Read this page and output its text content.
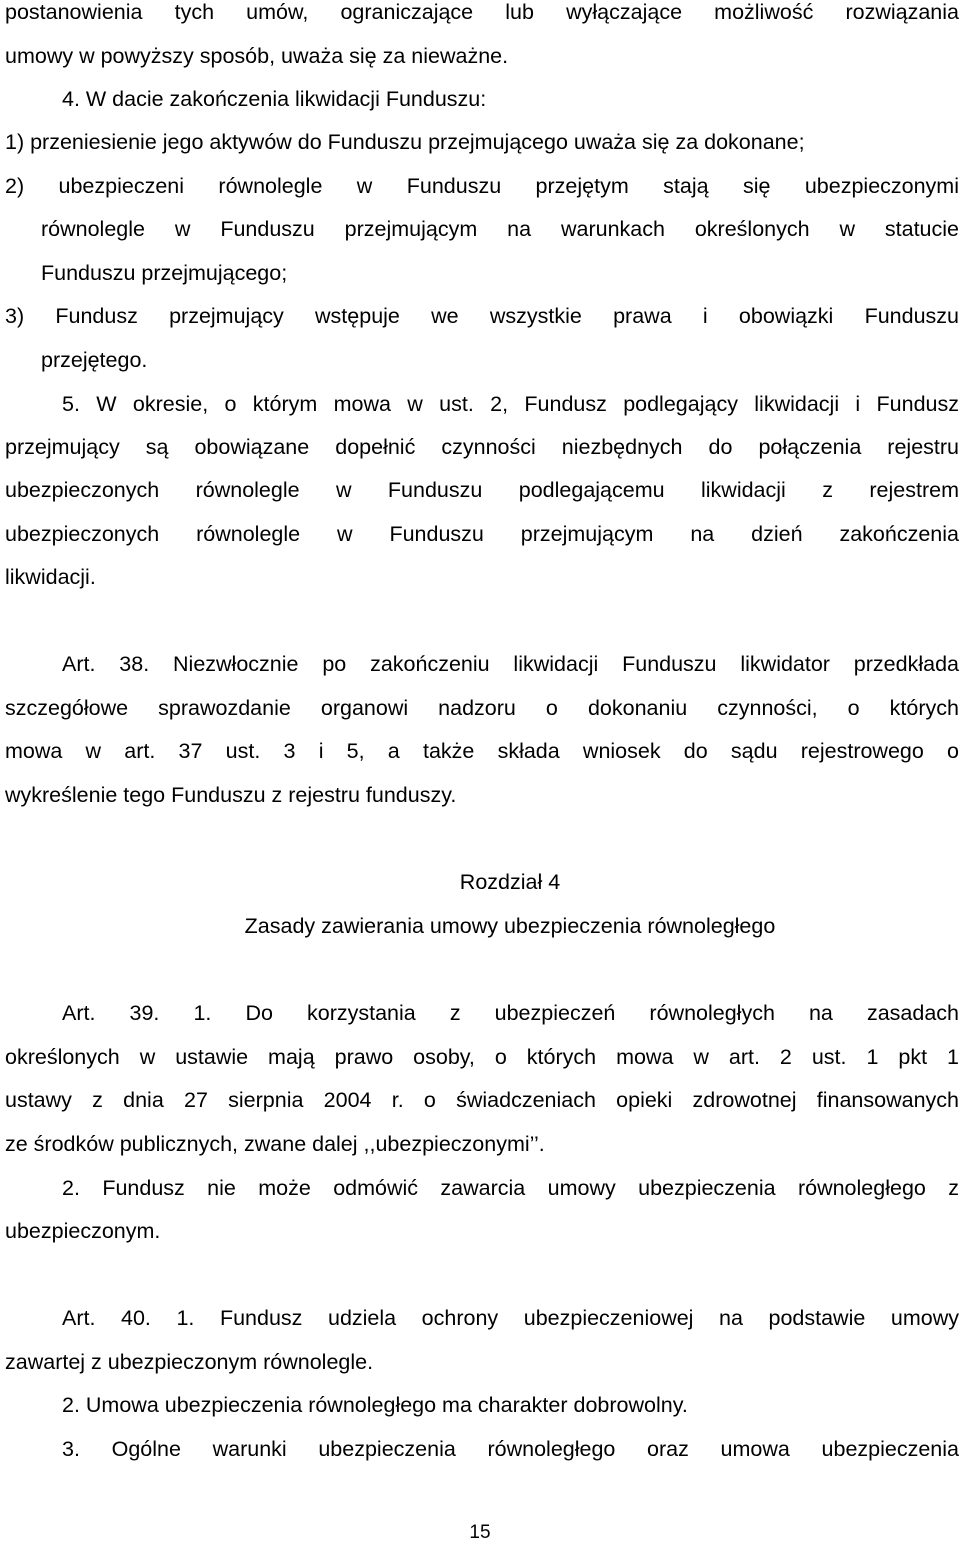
postanowienia tych umów, ograniczające lub wyłączające możliwość rozwiązania
umowy w powyższy sposób, uważa się za nieważne.
4. W dacie zakończenia likwidacji Funduszu:
1) przeniesienie jego aktywów do Funduszu przejmującego uważa się za dokonane;
2) ubezpieczeni równolegle w Funduszu przejętym stają się ubezpieczonymi
równolegle w Funduszu przejmującym na warunkach określonych w statucie
Funduszu przejmującego;
3) Fundusz przejmujący wstępuje we wszystkie prawa i obowiązki Funduszu
przejętego.
5. W okresie, o którym mowa w ust. 2, Fundusz podlegający likwidacji i Fundusz
przejmujący są obowiązane dopełnić czynności niezbędnych do połączenia rejestru
ubezpieczonych równolegle w Funduszu podlegającemu likwidacji z rejestrem
ubezpieczonych równolegle w Funduszu przejmującym na dzień zakończenia
likwidacji.
Art. 38. Niezwłocznie po zakończeniu likwidacji Funduszu likwidator przedkłada
szczegółowe sprawozdanie organowi nadzoru o dokonaniu czynności, o których
mowa w art. 37 ust. 3 i 5, a także składa wniosek do sądu rejestrowego o
wykreślenie tego Funduszu z rejestru funduszy.
Rozdział 4
Zasady zawierania umowy ubezpieczenia równoległego
Art. 39. 1. Do korzystania z ubezpieczeń równoległych na zasadach
określonych w ustawie mają prawo osoby, o których mowa w art. 2 ust. 1 pkt 1
ustawy z dnia 27 sierpnia 2004 r. o świadczeniach opieki zdrowotnej finansowanych
ze środków publicznych, zwane dalej ,,ubezpieczonymi’’.
2. Fundusz nie może odmówić zawarcia umowy ubezpieczenia równoległego z
ubezpieczonym.
Art. 40. 1. Fundusz udziela ochrony ubezpieczeniowej na podstawie umowy
zawartej z ubezpieczonym równolegle.
2. Umowa ubezpieczenia równoległego ma charakter dobrowolny.
3. Ogólne warunki ubezpieczenia równoległego oraz umowa ubezpieczenia
15
